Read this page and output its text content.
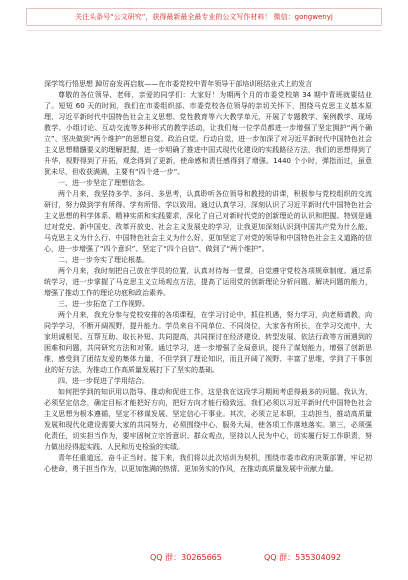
关注头条号“公文研究”，获得最新最全最专业的公文写作材料！ 微信：gongwenyj
深学笃行悟思想 踔厉奋发再启航——在市委党校中青年领导干部培训班结业式上的发言

尊敬的各位领导、老师，亲爱的同学们：大家好！为期两个月的市委党校第 34 期中青班就要结业了。短短 60 天的时间，我们在市委组织部、市委党校各位领导的亲切关怀下，围绕马克思主义基本原理、习近平新时代中国特色社会主义思想、党性教育等六大教学单元，开展了专题教学、案例教学、现场教学、小组讨论、互动交流等多种形式的教学活动，让我们每一位学员都进一步增强了坚定拥护“两个确立”、坚决做到“两个维护”的思想自觉、政治自觉、行动自觉，进一步加深了对习近平新时代中国特色社会主义思想精髓要义的理解把握，进一步明确了推进中国式现代化建设的实践路径方法，我们的思想得到了升华，视野得到了开拓，观念得到了更新，使命感和责任感得到了增强。1440 个小时，弹指而过，虽意犹未尽，但收获满满，主要有“四个进一步”。

一、进一步坚定了理想信念。

两个月来，我坚持多学、多问、多思考，认真聆听各位领导和教授的讲课，积极参与党校组织的交流研讨，努力做到学有所得、学有所悟、学以致用。通过认真学习，深刻认识了习近平新时代中国特色社会主义思想的科学体系、精神实质和实践要求，深化了自己对新时代党的创新理论的认识和把握。特别是通过对党史、新中国史、改革开放史、社会主义发展史的学习，让我更加深刻认识到中国共产党为什么能、马克思主义为什么行、中国特色社会主义为什么好，更加坚定了对党的领导和中国特色社会主义道路的信心，进一步增强了“四个意识”、坚定了“四个自信”、做到了“两个维护”。

二、进一步夯实了理论根基。

两个月来，我时刻把自己放在学员的位置，认真对待每一堂课，自觉遵守党校各项规章制度。通过系统学习，进一步掌握了马克思主义立场观点方法，提高了运用党的创新理论分析问题、解决问题的能力，增强了推动工作的理论功底和政治素养。

三、进一步拓宽了工作视野。

两个月来，我充分参与党校安排的各项课程，在学习讨论中，抓住机遇，努力学习，向老师请教，向同学学习，不断开阔视野，提升能力。学员来自不同单位、不同岗位，大家各有所长，在学习交流中，大家坦诚相见、互帮互助、取长补短、共同提高，共同探讨在经济建设、转型发展、依法行政等方面遇到的困难和问题，共同研究方法和对策。通过学习，进一步增强了全局意识，提升了谋划能力，增强了创新思维，感受到了团结友爱的集体力量，不但学到了理论知识，而且开阔了视野、丰富了思维，学到了干事创业的好方法，为推动工作高质量发展打下了坚实的基础。

四、进一步促进了学用结合。

如何把学到的知识用以指导、推动和促进工作，这是我在这段学习期间考虑得最多的问题。我认为，必须坚定信念，确定目标才能把好方向，把好方向才能行稳致远，我们必须以习近平新时代中国特色社会主义思想为根本遵循，坚定不移谋发展、坚定信心干事业。其次，必须立足本职，主动担当，推动高质量发展和现代化建设需要大家的共同努力，必须围绕中心、服务大局，使各项工作落地落实。第三，必须强化责任，切实担当作为，要牢固树立宗旨意识、群众观点，坚持以人民为中心，切实履行好工作职责，努力做出经得起实践、人民和历史检验的实绩。

青年任重道远，奋斗正当时。接下来，我们将以此次培训为契机，围绕市委市政府决策部署，牢记初心使命，勇于担当作为，以更加饱满的热情、更加务实的作风，在推动高质量发展中贡献力量。

QQ 群：30265665	QQ 群：535304092
